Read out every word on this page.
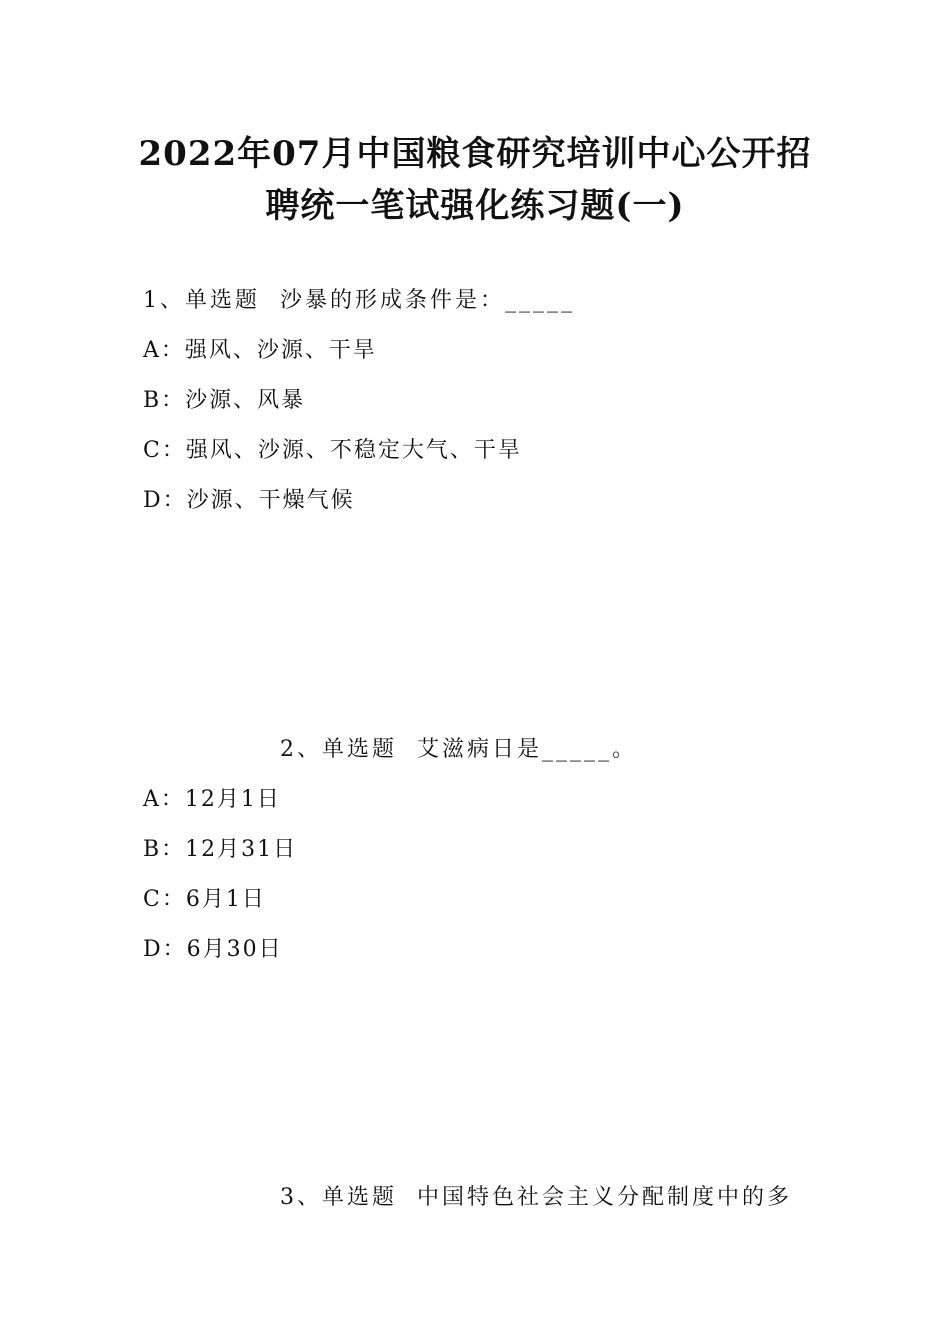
2022年07月中国粮食研究培训中心公开招
聘统一笔试强化练习题(一)
1、单选题  沙暴的形成条件是：_____
A：强风、沙源、干旱
B：沙源、风暴
C：强风、沙源、不稳定大气、干旱
D：沙源、干燥气候
2、单选题  艾滋病日是_____。
A：12月1日
B：12月31日
C：6月1日
D：6月30日
3、单选题  中国特色社会主义分配制度中的多
